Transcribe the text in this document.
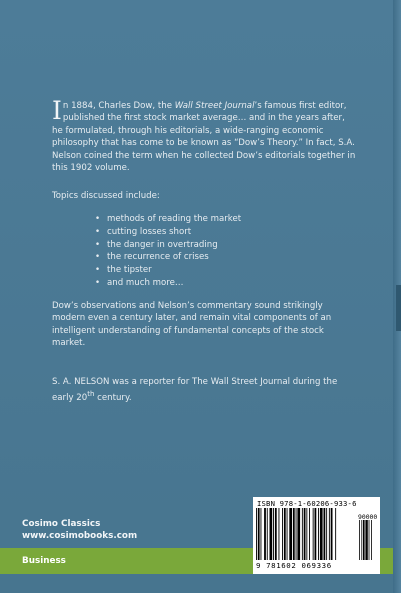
In 1884, Charles Dow, the Wall Street Journal’s famous first editor, published the first stock market average… and in the years after, he formulated, through his editorials, a wide-ranging economic philosophy that has come to be known as “Dow’s Theory.” In fact, S.A. Nelson coined the term when he collected Dow’s editorials together in this 1902 volume.
Topics discussed include:
• methods of reading the market
• cutting losses short
• the danger in overtrading
• the recurrence of crises
• the tipster
• and much more…
Dow’s observations and Nelson’s commentary sound strikingly modern even a century later, and remain vital components of an intelligent understanding of fundamental concepts of the stock market.
S. A. NELSON was a reporter for The Wall Street Journal during the early 20th century.
Cosimo Classics
www.cosimobooks.com
Business
ISBN 978-1-60206-933-6
90000
9 781602 069336
